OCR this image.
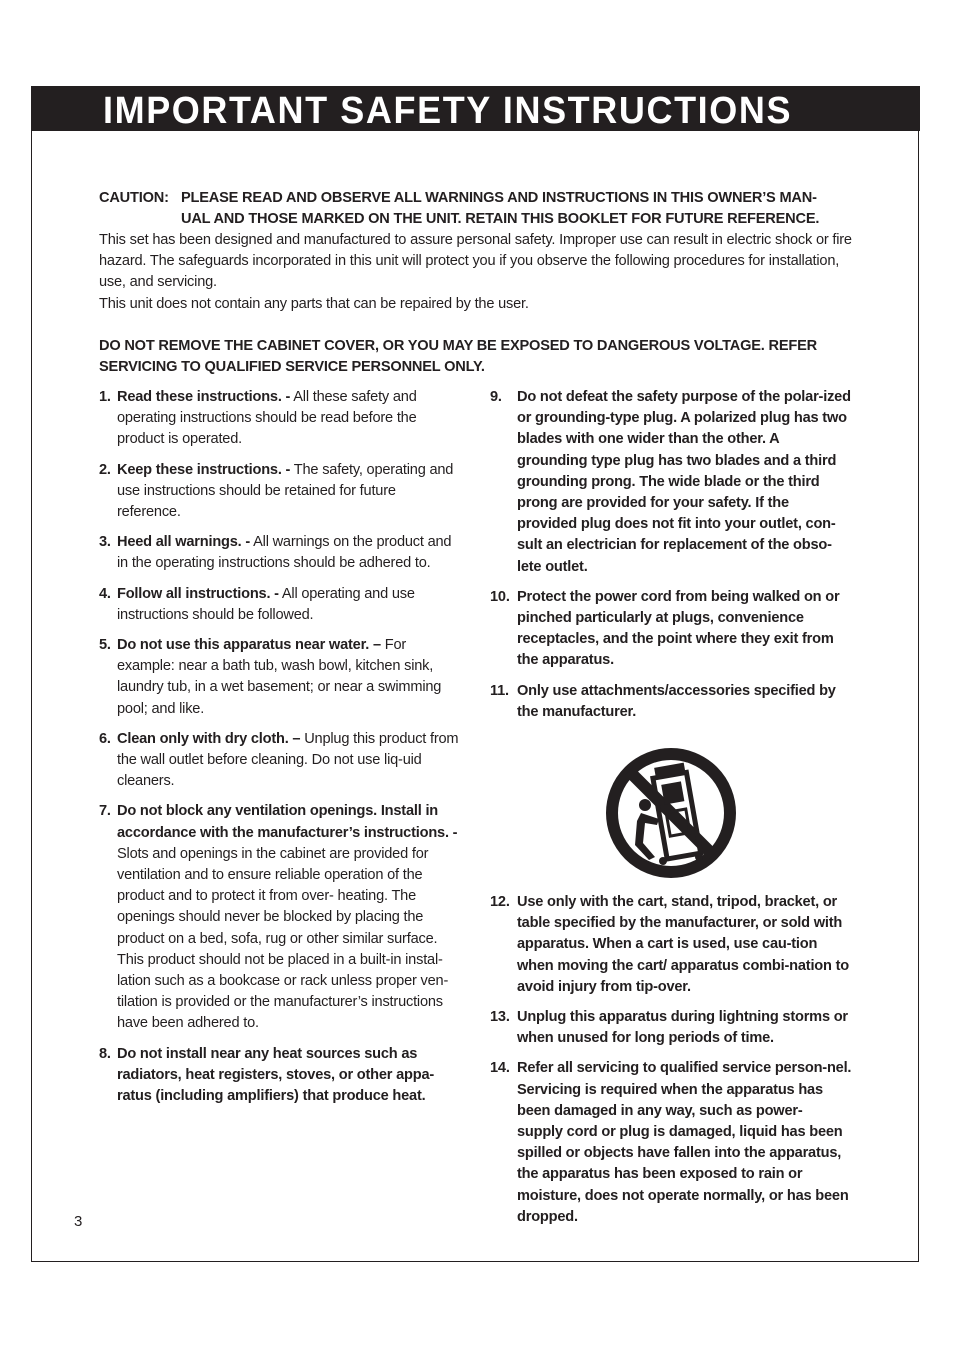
IMPORTANT SAFETY INSTRUCTIONS
CAUTION: PLEASE READ AND OBSERVE ALL WARNINGS AND INSTRUCTIONS IN THIS OWNER’S MAN-
UAL AND THOSE MARKED ON THE UNIT. RETAIN THIS BOOKLET FOR FUTURE REFERENCE.

This set has been designed and manufactured to assure personal safety. Improper use can result in electric shock or fire hazard. The safeguards incorporated in this unit will protect you if you observe the following procedures for installation, use, and servicing.

This unit does not contain any parts that can be repaired by the user.

DO NOT REMOVE THE CABINET COVER, OR YOU MAY BE EXPOSED TO DANGEROUS VOLTAGE. REFER SERVICING TO QUALIFIED SERVICE PERSONNEL ONLY.
1. Read these instructions. - All these safety and operating instructions should be read before the product is operated.
2. Keep these instructions. - The safety, operating and use instructions should be retained for future reference.
3. Heed all warnings. - All warnings on the product and in the operating instructions should be adhered to.
4. Follow all instructions. - All operating and use instructions should be followed.
5. Do not use this apparatus near water. – For example: near a bath tub, wash bowl, kitchen sink, laundry tub, in a wet basement; or near a swimming pool; and like.
6. Clean only with dry cloth. – Unplug this product from the wall outlet before cleaning. Do not use liq-uid cleaners.
7. Do not block any ventilation openings. Install in accordance with the manufacturer’s instructions. - Slots and openings in the cabinet are provided for ventilation and to ensure reliable operation of the product and to protect it from over- heating. The openings should never be blocked by placing the product on a bed, sofa, rug or other similar surface. This product should not be placed in a built-in instal-lation such as a bookcase or rack unless proper ven-tilation is provided or the manufacturer’s instructions have been adhered to.
8. Do not install near any heat sources such as radiators, heat registers, stoves, or other appa-ratus (including amplifiers) that produce heat.
9.	Do not defeat the safety purpose of the polar-ized or grounding-type plug. A polarized plug has two blades with one wider than the other. A grounding type plug has two blades and a third grounding prong. The wide blade or the third prong are provided for your safety. If the provided plug does not fit into your outlet, con-sult an electrician for replacement of the obso-lete outlet.
10. Protect the power cord from being walked on or pinched particularly at plugs, convenience receptacles, and the point where they exit from the apparatus.
11. Only use attachments/accessories specified by the manufacturer.
12. Use only with the cart, stand, tripod, bracket, or table specified by the manufacturer, or sold with apparatus. When a cart is used, use cau-tion when moving the cart/ apparatus combi-nation to avoid injury from tip-over.
13. Unplug this apparatus during lightning storms or when unused for long periods of time.
14. Refer all servicing to qualified service person-nel. Servicing is required when the apparatus has been damaged in any way, such as power- supply cord or plug is damaged, liquid has been spilled or objects have fallen into the apparatus, the apparatus has been exposed to rain or moisture, does not operate normally, or has been dropped.
3
